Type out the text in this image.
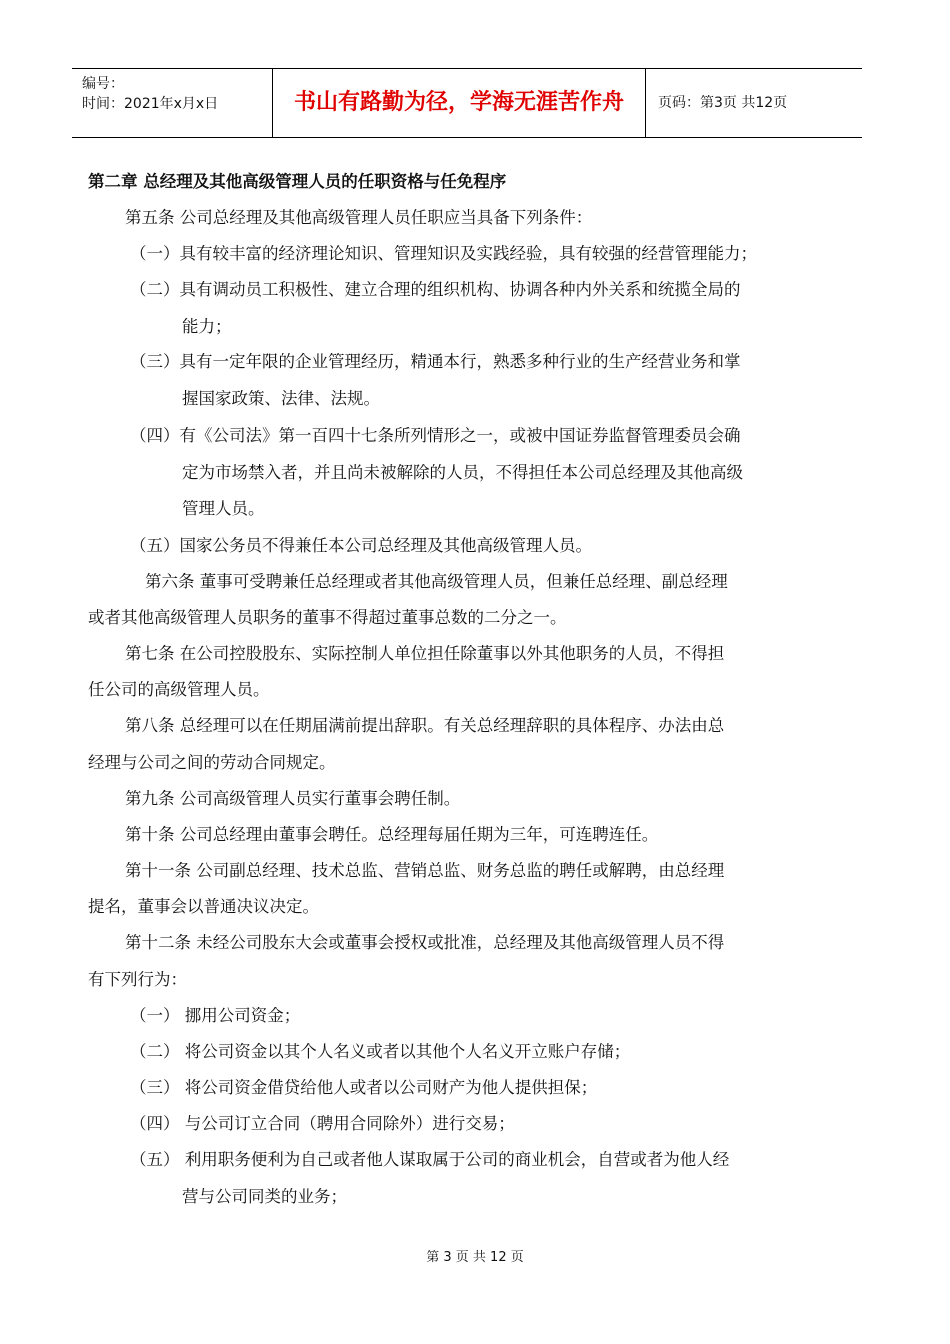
编号：
时间：2021年x月x日	书山有路勤为径，学海无涯苦作舟	页码：第3页 共12页
第二章 总经理及其他高级管理人员的任职资格与任免程序
第五条 公司总经理及其他高级管理人员任职应当具备下列条件：
（一）具有较丰富的经济理论知识、管理知识及实践经验，具有较强的经营管理能力；
（二）具有调动员工积极性、建立合理的组织机构、协调各种内外关系和统揽全局的
能力；
（三）具有一定年限的企业管理经历，精通本行，熟悉多种行业的生产经营业务和掌
握国家政策、法律、法规。
（四）有《公司法》第一百四十七条所列情形之一，或被中国证券监督管理委员会确
定为市场禁入者，并且尚未被解除的人员，不得担任本公司总经理及其他高级
管理人员。
（五）国家公务员不得兼任本公司总经理及其他高级管理人员。
第六条 董事可受聘兼任总经理或者其他高级管理人员，但兼任总经理、副总经理
或者其他高级管理人员职务的董事不得超过董事总数的二分之一。
第七条 在公司控股股东、实际控制人单位担任除董事以外其他职务的人员，不得担
任公司的高级管理人员。
第八条 总经理可以在任期届满前提出辞职。有关总经理辞职的具体程序、办法由总
经理与公司之间的劳动合同规定。
第九条 公司高级管理人员实行董事会聘任制。
第十条 公司总经理由董事会聘任。总经理每届任期为三年，可连聘连任。
第十一条 公司副总经理、技术总监、营销总监、财务总监的聘任或解聘，由总经理
提名，董事会以普通决议决定。
第十二条 未经公司股东大会或董事会授权或批准，总经理及其他高级管理人员不得
有下列行为：
（一） 挪用公司资金；
（二） 将公司资金以其个人名义或者以其他个人名义开立账户存储；
（三） 将公司资金借贷给他人或者以公司财产为他人提供担保；
（四） 与公司订立合同（聘用合同除外）进行交易；
（五） 利用职务便利为自己或者他人谋取属于公司的商业机会，自营或者为他人经
营与公司同类的业务；
第 3 页 共 12 页
